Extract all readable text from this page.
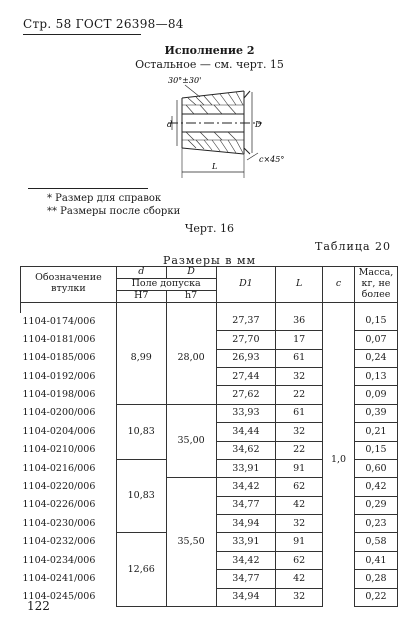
Стр. 58 ГОСТ 26398—84
Исполнение 2
Остальное — см. черт. 15
30°±30'
c×45°
d	D
L
* Размер для справок
** Размеры после сборки
Черт. 16
Таблица 20
Размеры в мм
Обозначение втулки	d	D	D1	L	c	Масса, кг, не более
	Поле допуска					
	H7	h7				

1104-0174/006	8,99	28,00	27,37	36	1,0	0,15
1104-0181/006			27,70	17		0,07
1104-0185/006			26,93	61		0,24
1104-0192/006			27,44	32		0,13
1104-0198/006			27,62	22		0,09
1104-0200/006	10,83	35,00	33,93	61		0,39
1104-0204/006			34,44	32		0,21
1104-0210/006			34,62	22		0,15
1104-0216/006	10,83		33,91	91		0,60
1104-0220/006		35,50	34,42	62		0,42
1104-0226/006			34,77	42		0,29
1104-0230/006			34,94	32		0,23
1104-0232/006	12,66		33,91	91		0,58
1104-0234/006			34,42	62		0,41
1104-0241/006			34,77	42		0,28
1104-0245/006			34,94	32		0,22
122
